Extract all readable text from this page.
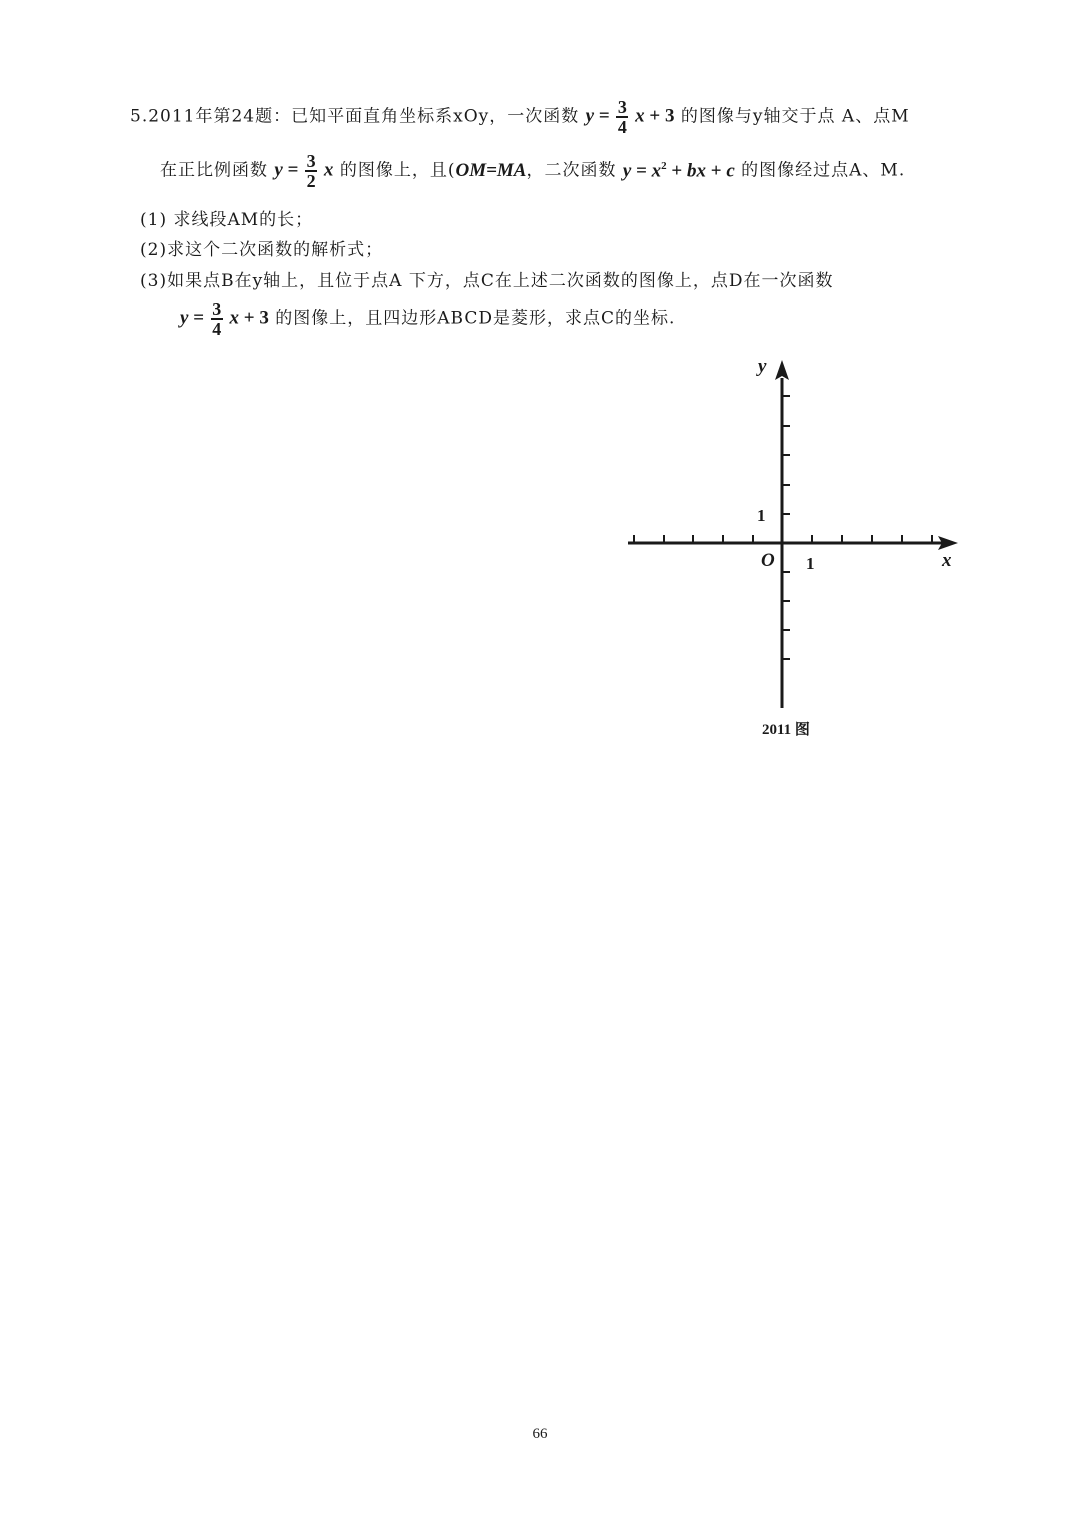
5.2011年第24题：已知平面直角坐标系xOy，一次函数 $y = \frac{3}{4}$ x + 3 的图像与y轴交于点 A、点M
在正比例函数 $y = \frac{3}{2}$ x 的图像上，且(OM=MA，二次函数 $y = x^2$ + bx + c 的图像经过点A、M.
(1) 求线段AM的长；
(2)求这个二次函数的解析式；
(3)如果点B在y轴上，且位于点A 下方，点C在上述二次函数的图像上，点D在一次函数
$y = \frac{3}{4}$ x + 3 的图像上，且四边形ABCD是菱形，求点C的坐标.
y
x
O
1
1
2011 图
66
